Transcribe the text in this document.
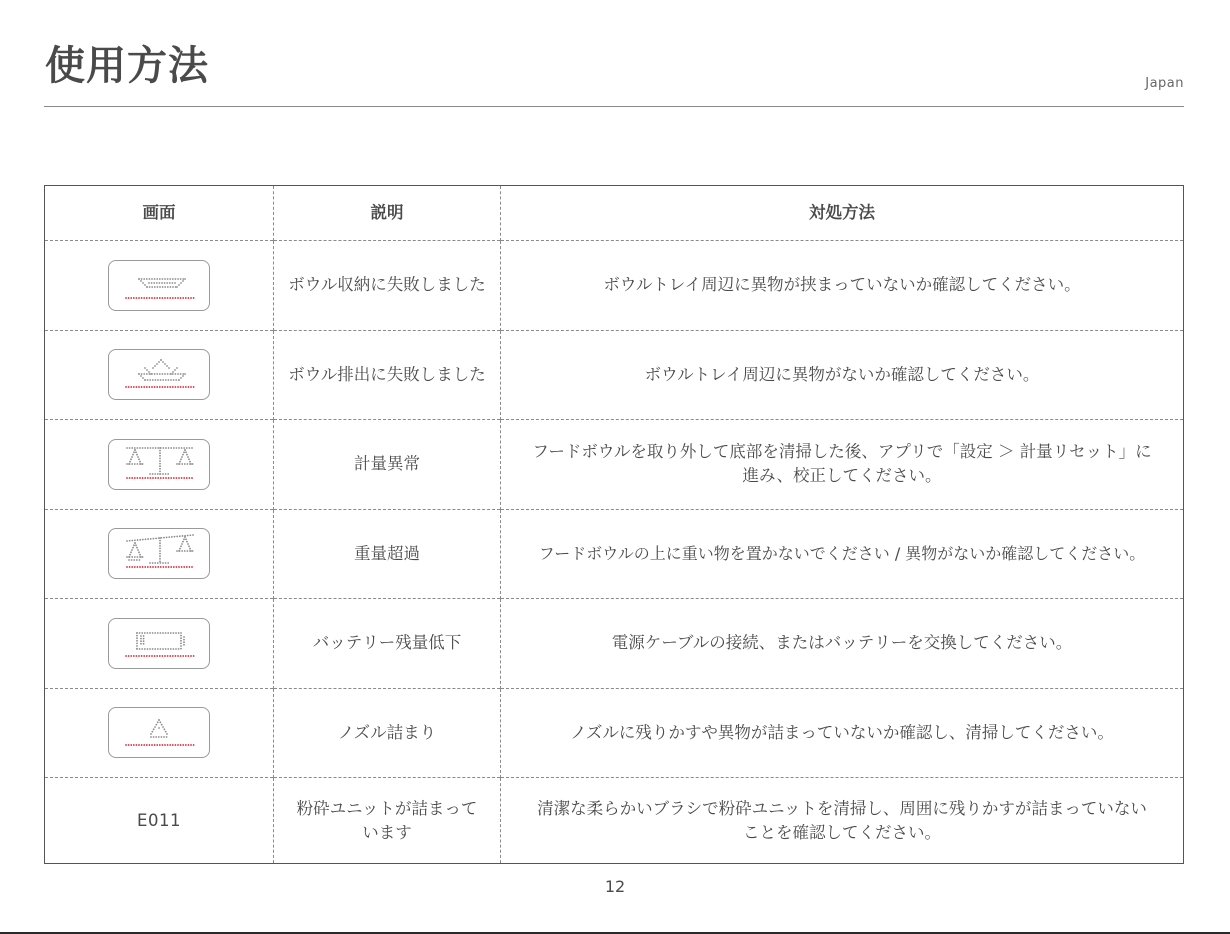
使用方法	Japan
画面	説明	対処方法

	ボウル収納に失敗しました	ボウルトレイ周辺に異物が挟まっていないか確認してください。

	ボウル排出に失敗しました	ボウルトレイ周辺に異物がないか確認してください。

	計量異常	フードボウルを取り外して底部を清掃した後、アプリで「設定 ＞ 計量リセット」に進み、校正してください。

	重量超過	フードボウルの上に重い物を置かないでください / 異物がないか確認してください。

	バッテリー残量低下	電源ケーブルの接続、またはバッテリーを交換してください。

	ノズル詰まり	ノズルに残りかすや異物が詰まっていないか確認し、清掃してください。
E011	粉砕ユニットが詰まっています	清潔な柔らかいブラシで粉砕ユニットを清掃し、周囲に残りかすが詰まっていないことを確認してください。
12
